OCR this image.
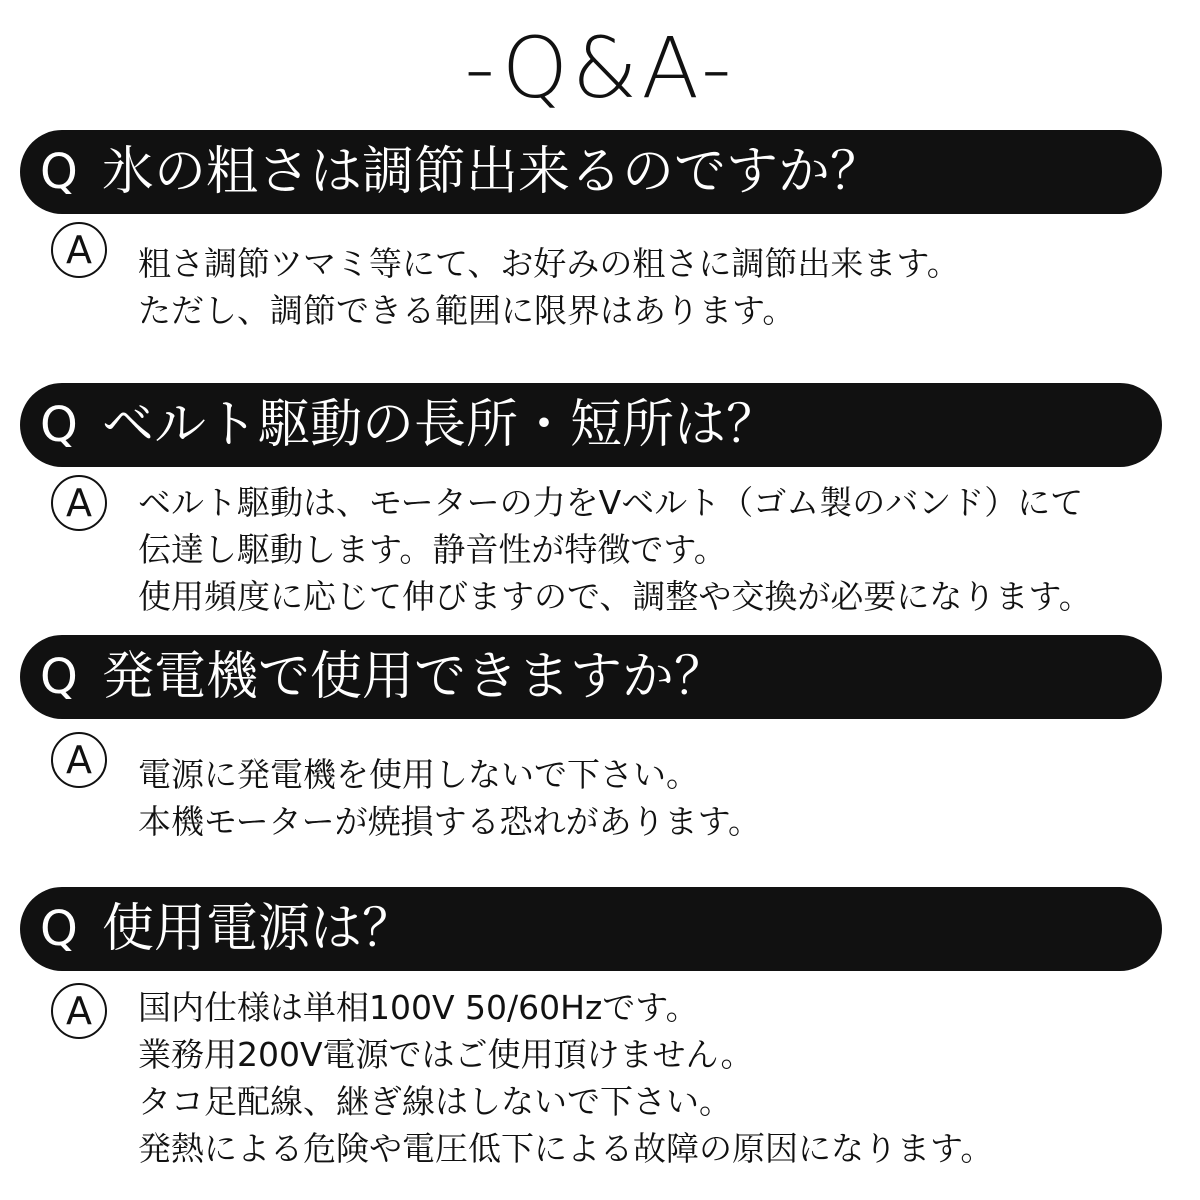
-Q&A-
Q 氷の粗さは調節出来るのですか？
A	粗さ調節ツマミ等にて、お好みの粗さに調節出来ます。
ただし、調節できる範囲に限界はあります。
Q ベルト駆動の長所・短所は？
A	ベルト駆動は、モーターの力をVベルト（ゴム製のバンド）にて
伝達し駆動します。静音性が特徴です。
使用頻度に応じて伸びますので、調整や交換が必要になります。
Q 発電機で使用できますか？
A	電源に発電機を使用しないで下さい。
本機モーターが焼損する恐れがあります。
Q 使用電源は？
A	国内仕様は単相100V 50/60Hzです。
業務用200V電源ではご使用頂けません。
タコ足配線、継ぎ線はしないで下さい。
発熱による危険や電圧低下による故障の原因になります。
